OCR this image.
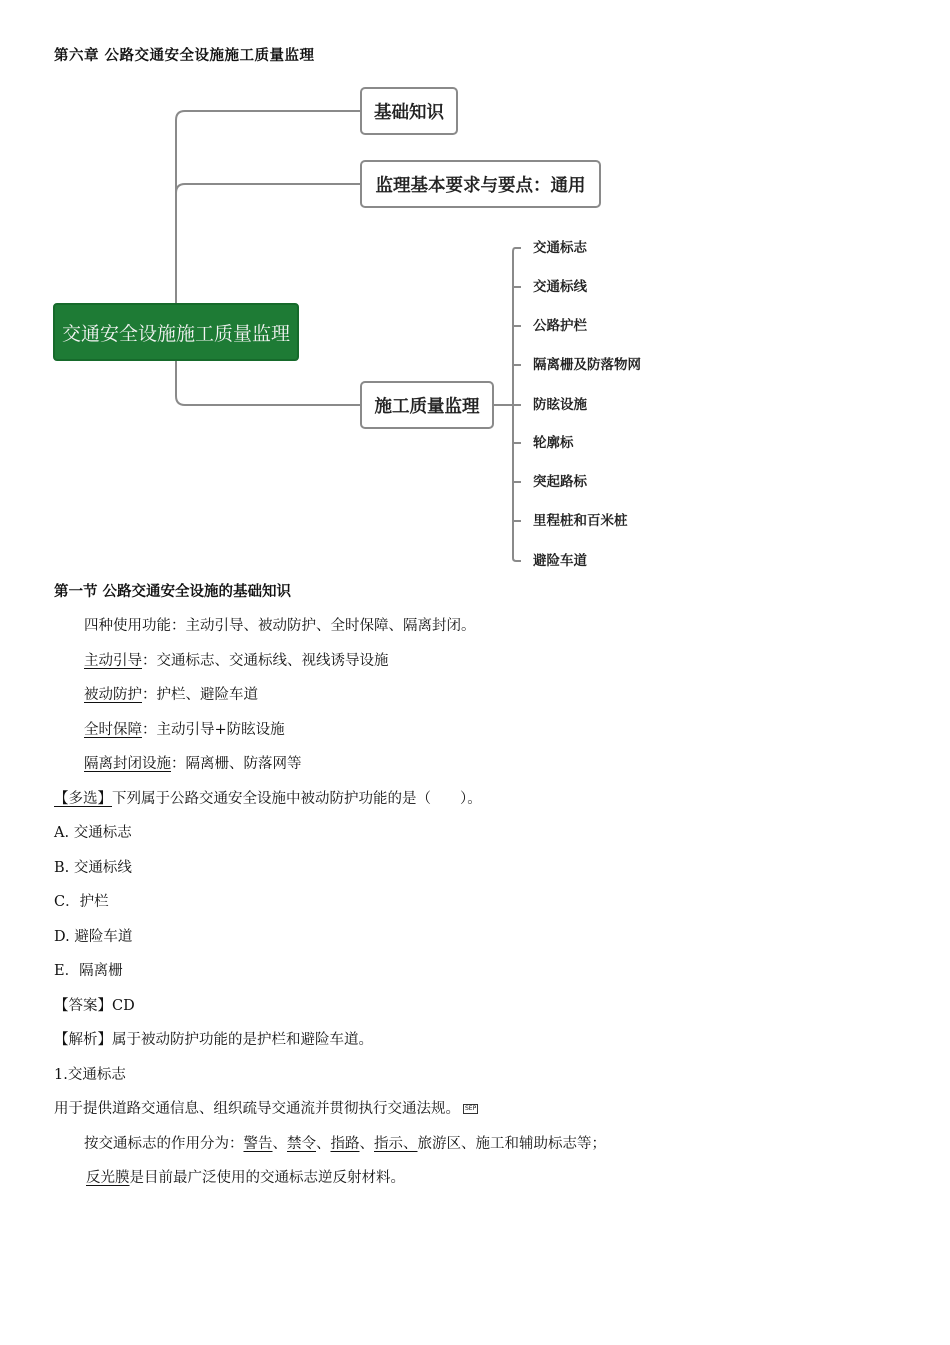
第六章 公路交通安全设施施工质量监理
交通安全设施施工质量监理
基础知识
监理基本要求与要点：通用
施工质量监理
交通标志
交通标线
公路护栏
隔离栅及防落物网
防眩设施
轮廓标
突起路标
里程桩和百米桩
避险车道
第一节 公路交通安全设施的基础知识
四种使用功能：主动引导、被动防护、全时保障、隔离封闭。
主动引导：交通标志、交通标线、视线诱导设施
被动防护：护栏、避险车道
全时保障：主动引导+防眩设施
隔离封闭设施：隔离栅、防落网等
【多选】下列属于公路交通安全设施中被动防护功能的是（　　）。
A. 交通标志
B. 交通标线
C．护栏
D. 避险车道
E．隔离栅
【答案】CD
【解析】属于被动防护功能的是护栏和避险车道。
1.交通标志
用于提供道路交通信息、组织疏导交通流并贯彻执行交通法规。 SEP
按交通标志的作用分为：警告、禁令、指路、指示、旅游区、施工和辅助标志等；
反光膜是目前最广泛使用的交通标志逆反射材料。
